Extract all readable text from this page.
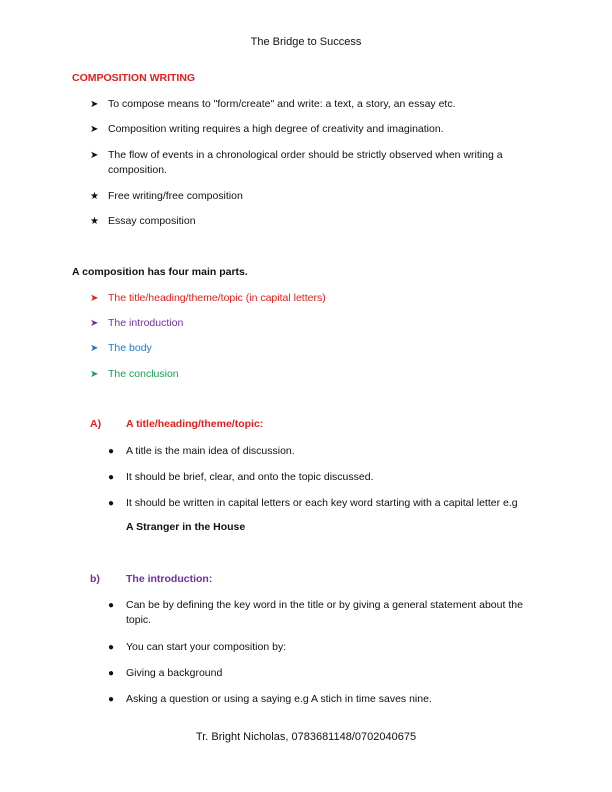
The Bridge to Success
COMPOSITION WRITING
➤ To compose means to "form/create" and write: a text, a story, an essay etc.
➤ Composition writing requires a high degree of creativity and imagination.
➤ The flow of events in a chronological order should be strictly observed when writing a composition.
★ Free writing/free composition
★ Essay composition
A composition has four main parts.
➤ The title/heading/theme/topic (in capital letters)
➤ The introduction
➤ The body
➤ The conclusion
A)	A title/heading/theme/topic:
●	A title is the main idea of discussion.
●	It should be brief, clear, and onto the topic discussed.
●	It should be written in capital letters or each key word starting with a capital letter e.g
A Stranger in the House
b)	The introduction:
●	Can be by defining the key word in the title or by giving a general statement about the topic.
●	You can start your composition by:
●	Giving a background
●	Asking a question or using a saying e.g A stich in time saves nine.
Tr. Bright Nicholas, 0783681148/0702040675
